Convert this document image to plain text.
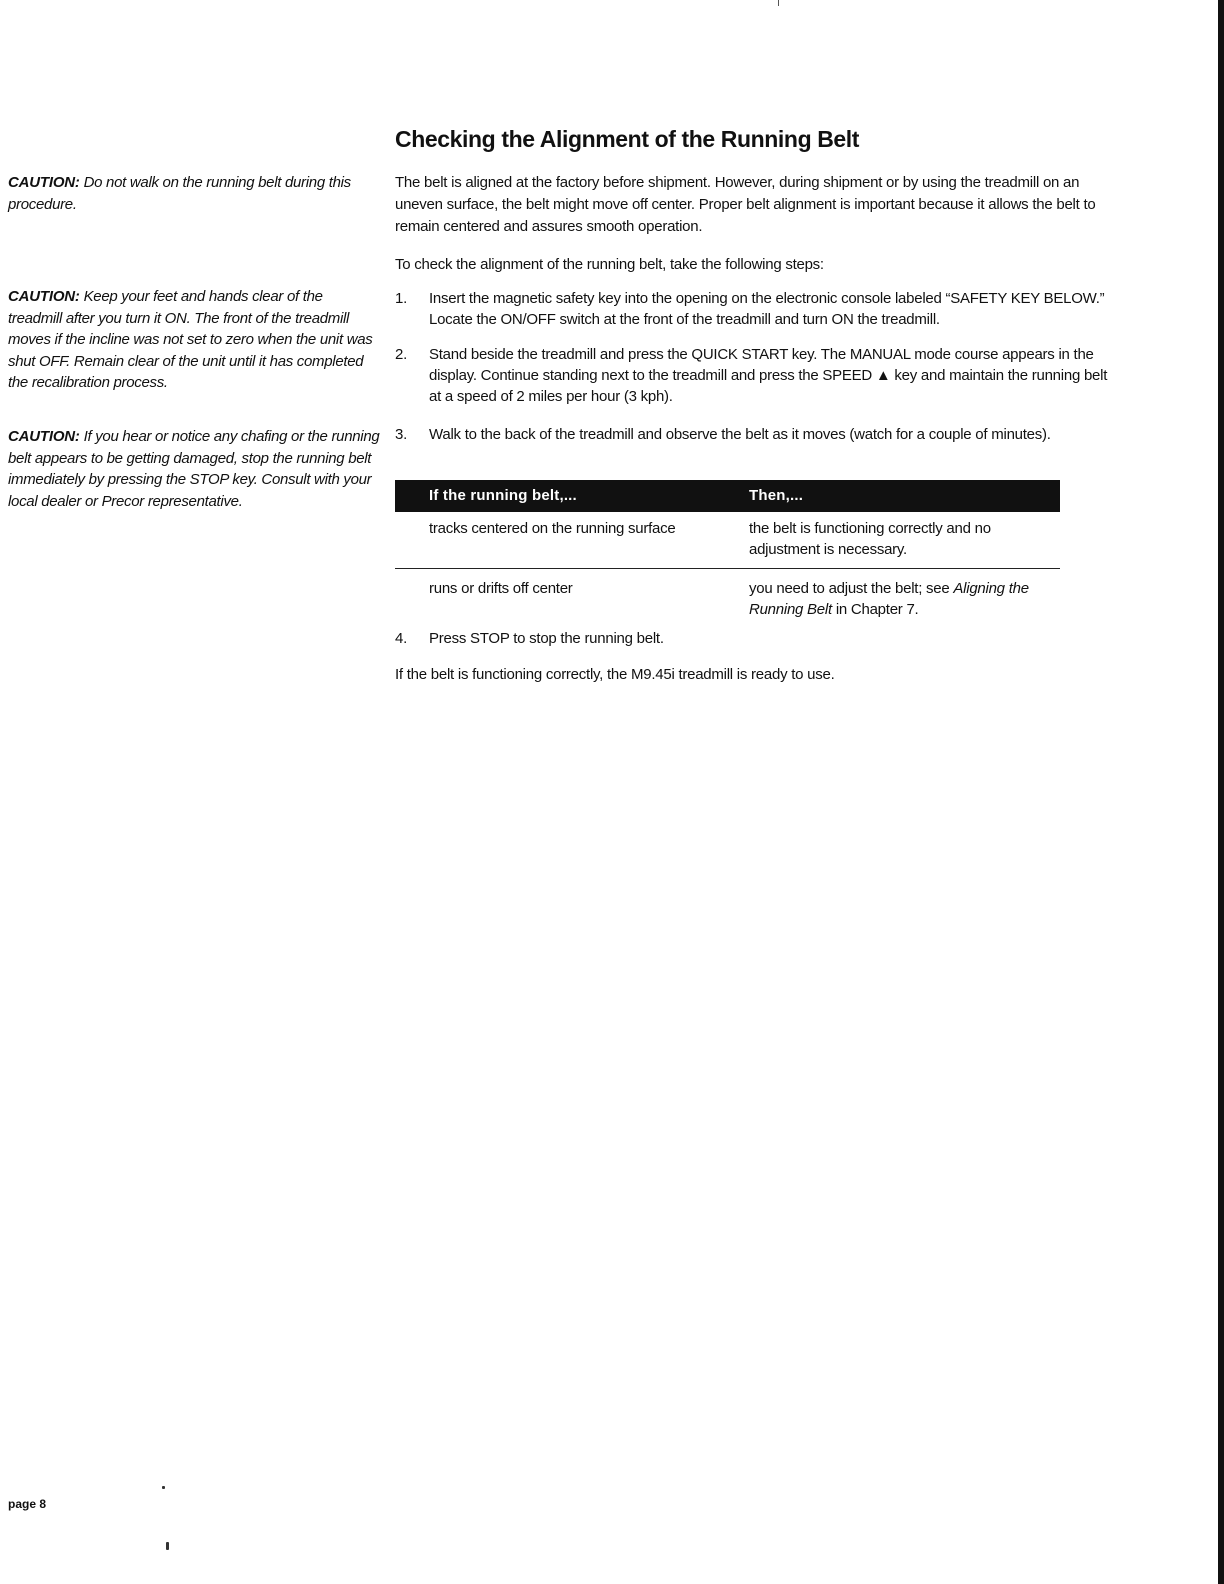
CAUTION: Do not walk on the running belt during this procedure.
CAUTION: Keep your feet and hands clear of the treadmill after you turn it ON. The front of the treadmill moves if the incline was not set to zero when the unit was shut OFF. Remain clear of the unit until it has completed the recalibration process.
CAUTION: If you hear or notice any chafing or the running belt appears to be getting damaged, stop the running belt immediately by pressing the STOP key. Consult with your local dealer or Precor representative.
Checking the Alignment of the Running Belt

The belt is aligned at the factory before shipment. However, during shipment or by using the treadmill on an uneven surface, the belt might move off center. Proper belt alignment is important because it allows the belt to remain centered and assures smooth operation.

To check the alignment of the running belt, take the following steps:

1.	Insert the magnetic safety key into the opening on the electronic console labeled “SAFETY KEY BELOW.” Locate the ON/OFF switch at the front of the treadmill and turn ON the treadmill.
2.	Stand beside the treadmill and press the QUICK START key. The MANUAL mode course appears in the display. Continue standing next to the treadmill and press the SPEED ▲ key and maintain the running belt at a speed of 2 miles per hour (3 kph).
3.	Walk to the back of the treadmill and observe the belt as it moves (watch for a couple of minutes).
If the running belt,...	Then,...
tracks centered on the running surface	the belt is functioning correctly and no adjustment is necessary.
runs or drifts off center	you need to adjust the belt; see Aligning the Running Belt in Chapter 7.
4.	Press STOP to stop the running belt.

If the belt is functioning correctly, the M9.45i treadmill is ready to use.

page 8
